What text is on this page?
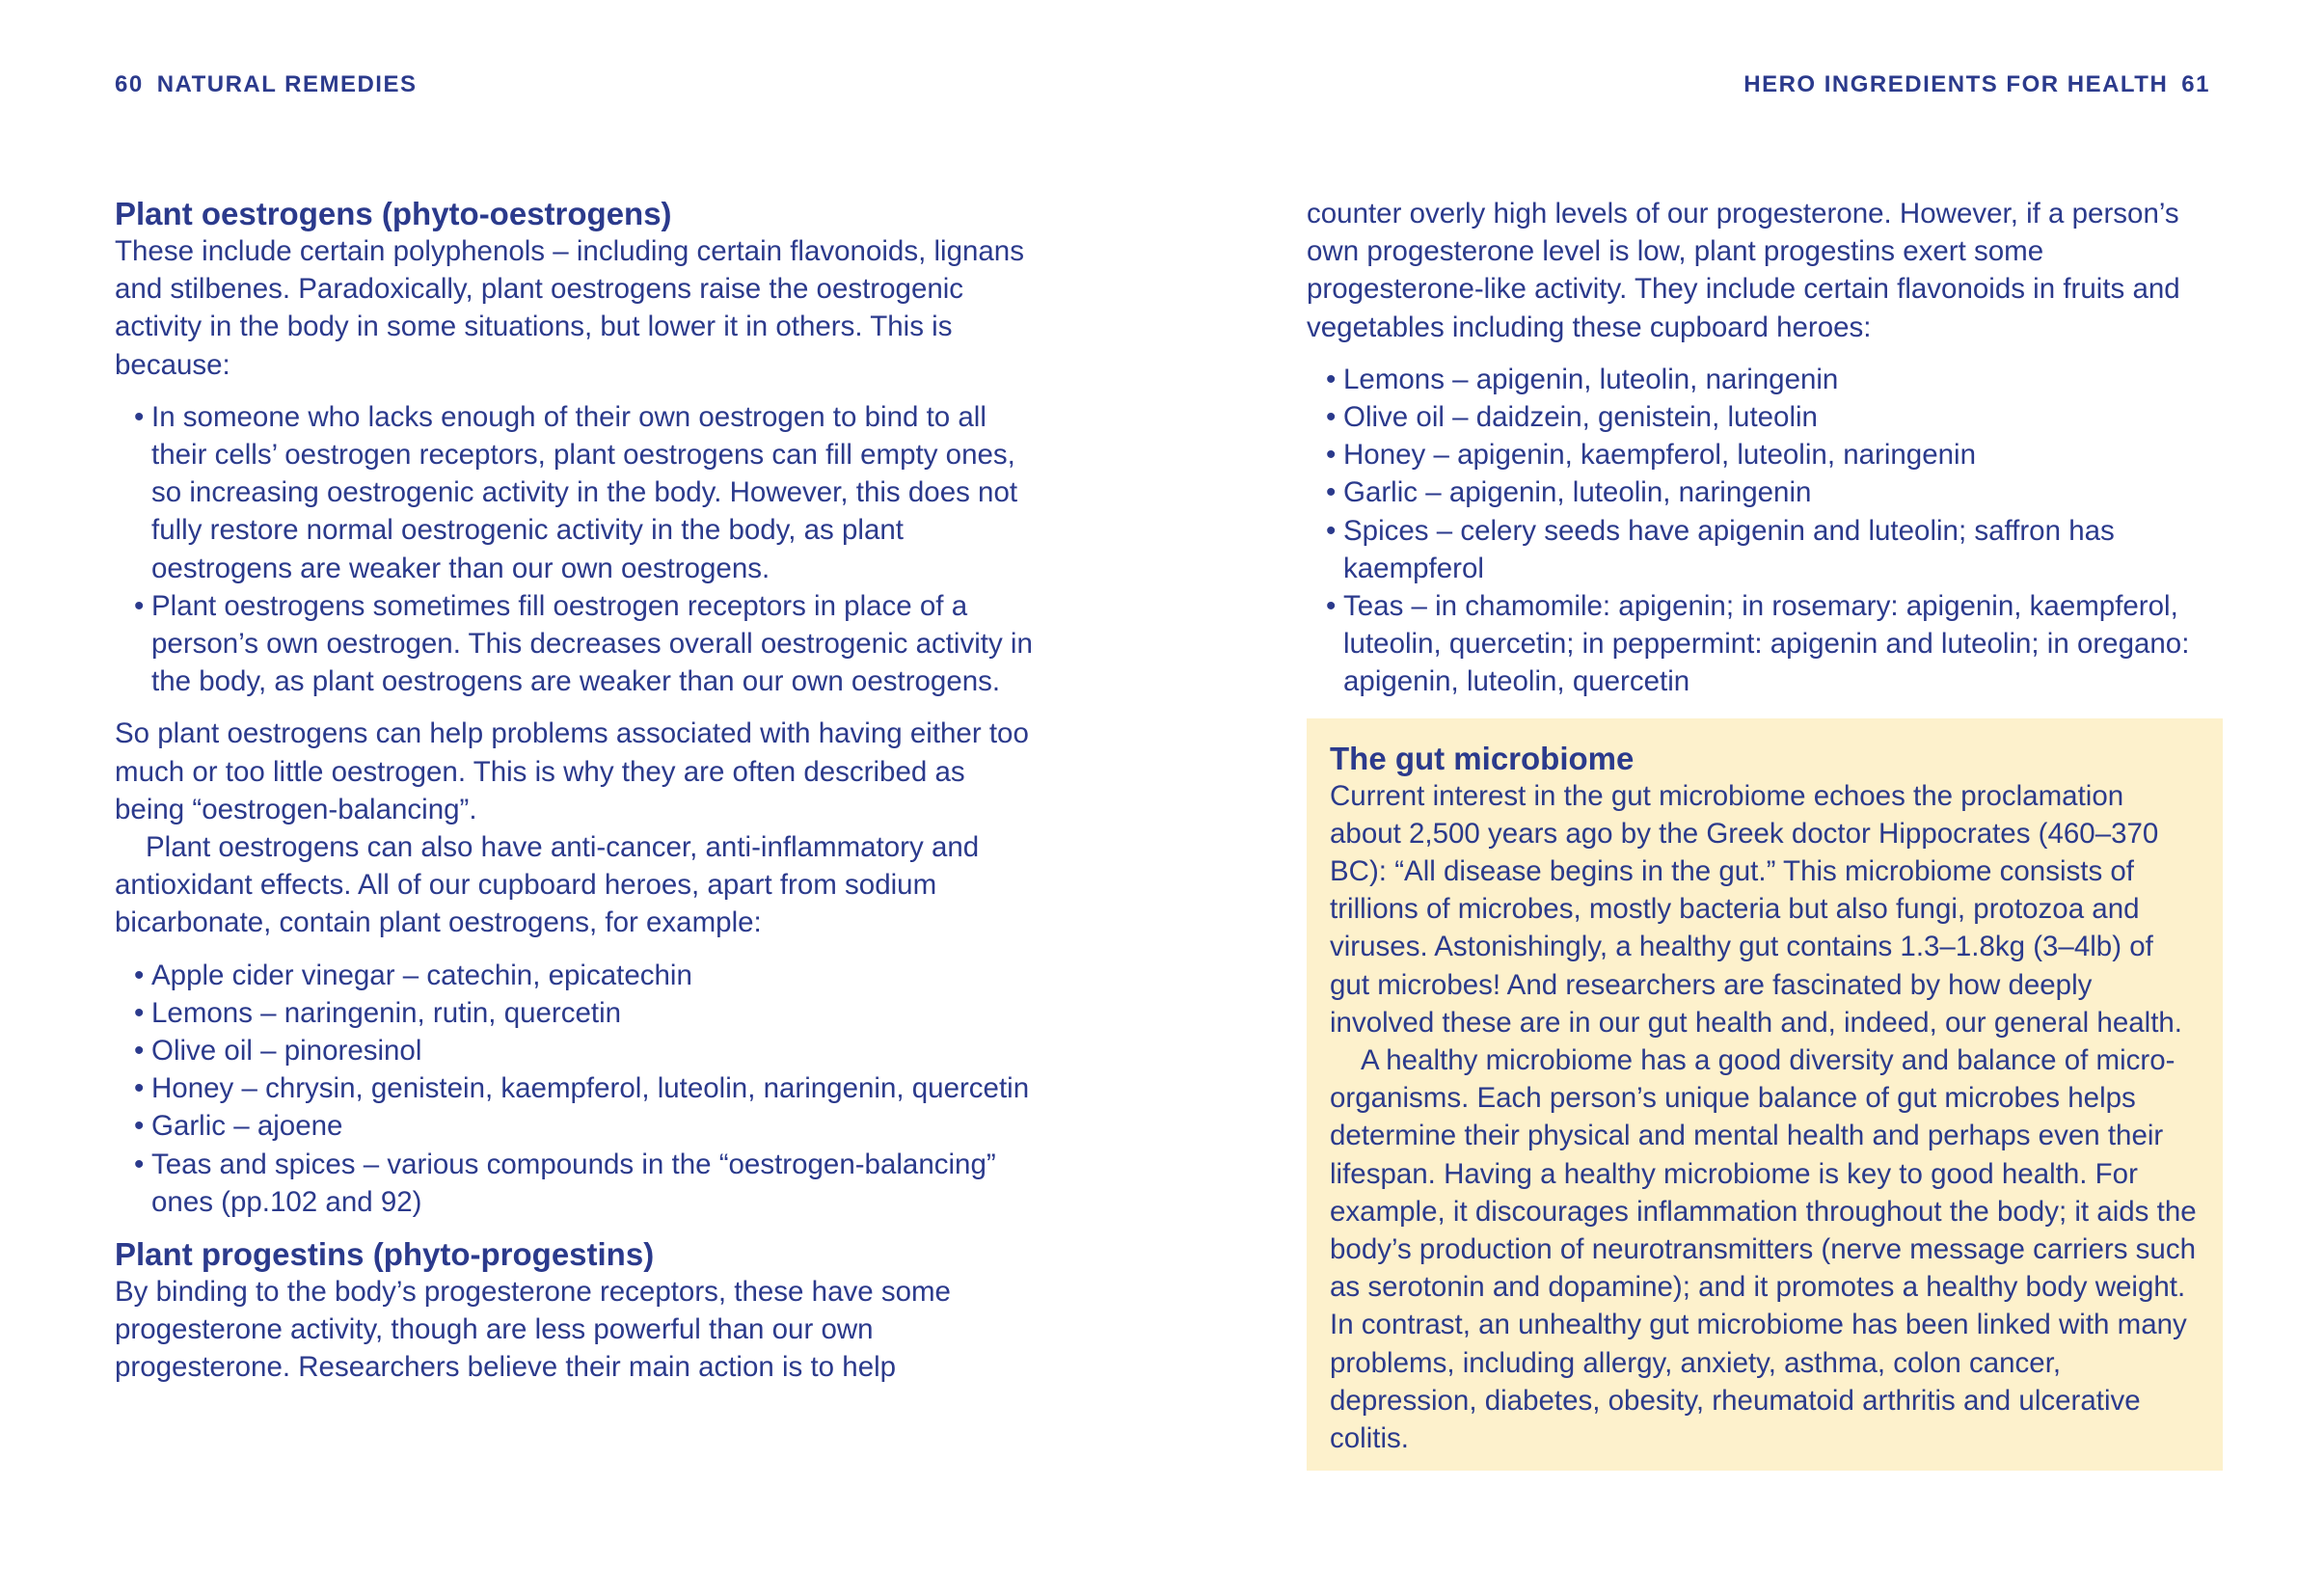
60 NATURAL REMEDIES
Plant oestrogens (phyto-oestrogens)

These include certain polyphenols – including certain flavonoids, lignans and stilbenes. Paradoxically, plant oestrogens raise the oestrogenic activity in the body in some situations, but lower it in others. This is because:

• In someone who lacks enough of their own oestrogen to bind to all their cells’ oestrogen receptors, plant oestrogens can fill empty ones, so increasing oestrogenic activity in the body. However, this does not fully restore normal oestrogenic activity in the body, as plant oestrogens are weaker than our own oestrogens.
• Plant oestrogens sometimes fill oestrogen receptors in place of a person’s own oestrogen. This decreases overall oestrogenic activity in the body, as plant oestrogens are weaker than our own oestrogens.

So plant oestrogens can help problems associated with having either too much or too little oestrogen. This is why they are often described as being “oestrogen-balancing”.

Plant oestrogens can also have anti-cancer, anti-inflammatory and antioxidant effects. All of our cupboard heroes, apart from sodium bicarbonate, contain plant oestrogens, for example:

• Apple cider vinegar – catechin, epicatechin
• Lemons – naringenin, rutin, quercetin
• Olive oil – pinoresinol
• Honey – chrysin, genistein, kaempferol, luteolin, naringenin, quercetin
• Garlic – ajoene
• Teas and spices – various compounds in the “oestrogen-balancing” ones (pp.102 and 92)
Plant progestins (phyto-progestins)

By binding to the body’s progesterone receptors, these have some progesterone activity, though are less powerful than our own progesterone. Researchers believe their main action is to help

HERO INGREDIENTS FOR HEALTH 61

counter overly high levels of our progesterone. However, if a person’s own progesterone level is low, plant progestins exert some progesterone-like activity. They include certain flavonoids in fruits and vegetables including these cupboard heroes:

• Lemons – apigenin, luteolin, naringenin
• Olive oil – daidzein, genistein, luteolin
• Honey – apigenin, kaempferol, luteolin, naringenin
• Garlic – apigenin, luteolin, naringenin
• Spices – celery seeds have apigenin and luteolin; saffron has kaempferol
• Teas – in chamomile: apigenin; in rosemary: apigenin, kaempferol, luteolin, quercetin; in peppermint: apigenin and luteolin; in oregano: apigenin, luteolin, quercetin
The gut microbiome

Current interest in the gut microbiome echoes the proclamation about 2,500 years ago by the Greek doctor Hippocrates (460–370 BC): “All disease begins in the gut.” This microbiome consists of trillions of microbes, mostly bacteria but also fungi, protozoa and viruses. Astonishingly, a healthy gut contains 1.3–1.8kg (3–4lb) of gut microbes! And researchers are fascinated by how deeply involved these are in our gut health and, indeed, our general health.

A healthy microbiome has a good diversity and balance of micro-organisms. Each person’s unique balance of gut microbes helps determine their physical and mental health and perhaps even their lifespan. Having a healthy microbiome is key to good health. For example, it discourages inflammation throughout the body; it aids the body’s production of neurotransmitters (nerve message carriers such as serotonin and dopamine); and it promotes a healthy body weight. In contrast, an unhealthy gut microbiome has been linked with many problems, including allergy, anxiety, asthma, colon cancer, depression, diabetes, obesity, rheumatoid arthritis and ulcerative colitis.
